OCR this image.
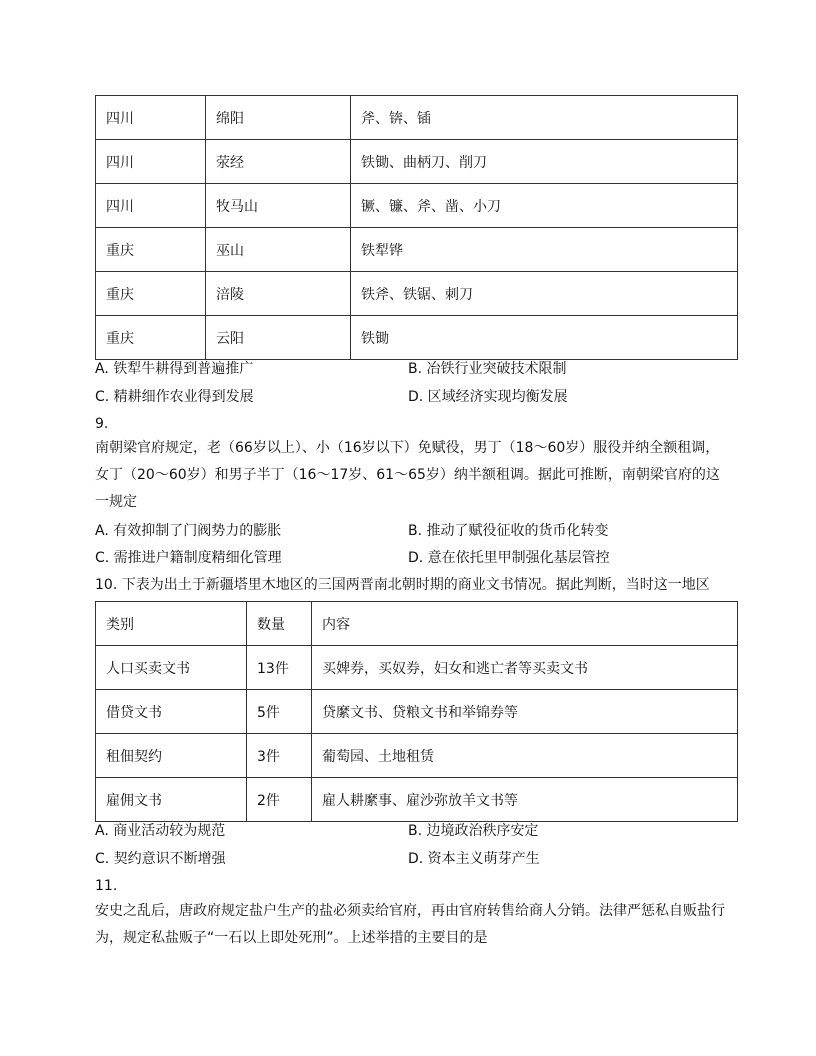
四川	绵阳	斧、锛、锸
四川	荥经	铁锄、曲柄刀、削刀
四川	牧马山	镢、镰、斧、凿、小刀
重庆	巫山	铁犁铧
重庆	涪陵	铁斧、铁锯、刺刀
重庆	云阳	铁锄
A. 铁犁牛耕得到普遍推广	B. 冶铁行业突破技术限制
C. 精耕细作农业得到发展	D. 区域经济实现均衡发展
9.
南朝梁官府规定，老（66岁以上）、小（16岁以下）免赋役，男丁（18～60岁）服役并纳全额租调，女丁（20～60岁）和男子半丁（16～17岁、61～65岁）纳半额租调。据此可推断，南朝梁官府的这一规定
A. 有效抑制了门阀势力的膨胀	B. 推动了赋役征收的货币化转变
C. 需推进户籍制度精细化管理	D. 意在依托里甲制强化基层管控
10. 下表为出土于新疆塔里木地区的三国两晋南北朝时期的商业文书情况。据此判断，当时这一地区
类别	数量	内容
人口买卖文书	13件	买婢券，买奴券，妇女和逃亡者等买卖文书
借贷文书	5件	贷縻文书、贷粮文书和举锦券等
租佃契约	3件	葡萄园、土地租赁
雇佣文书	2件	雇人耕縻事、雇沙弥放羊文书等
A. 商业活动较为规范	B. 边境政治秩序安定
C. 契约意识不断增强	D. 资本主义萌芽产生
11.
安史之乱后，唐政府规定盐户生产的盐必须卖给官府，再由官府转售给商人分销。法律严惩私自贩盐行为，规定私盐贩子“一石以上即处死刑”。上述举措的主要目的是
